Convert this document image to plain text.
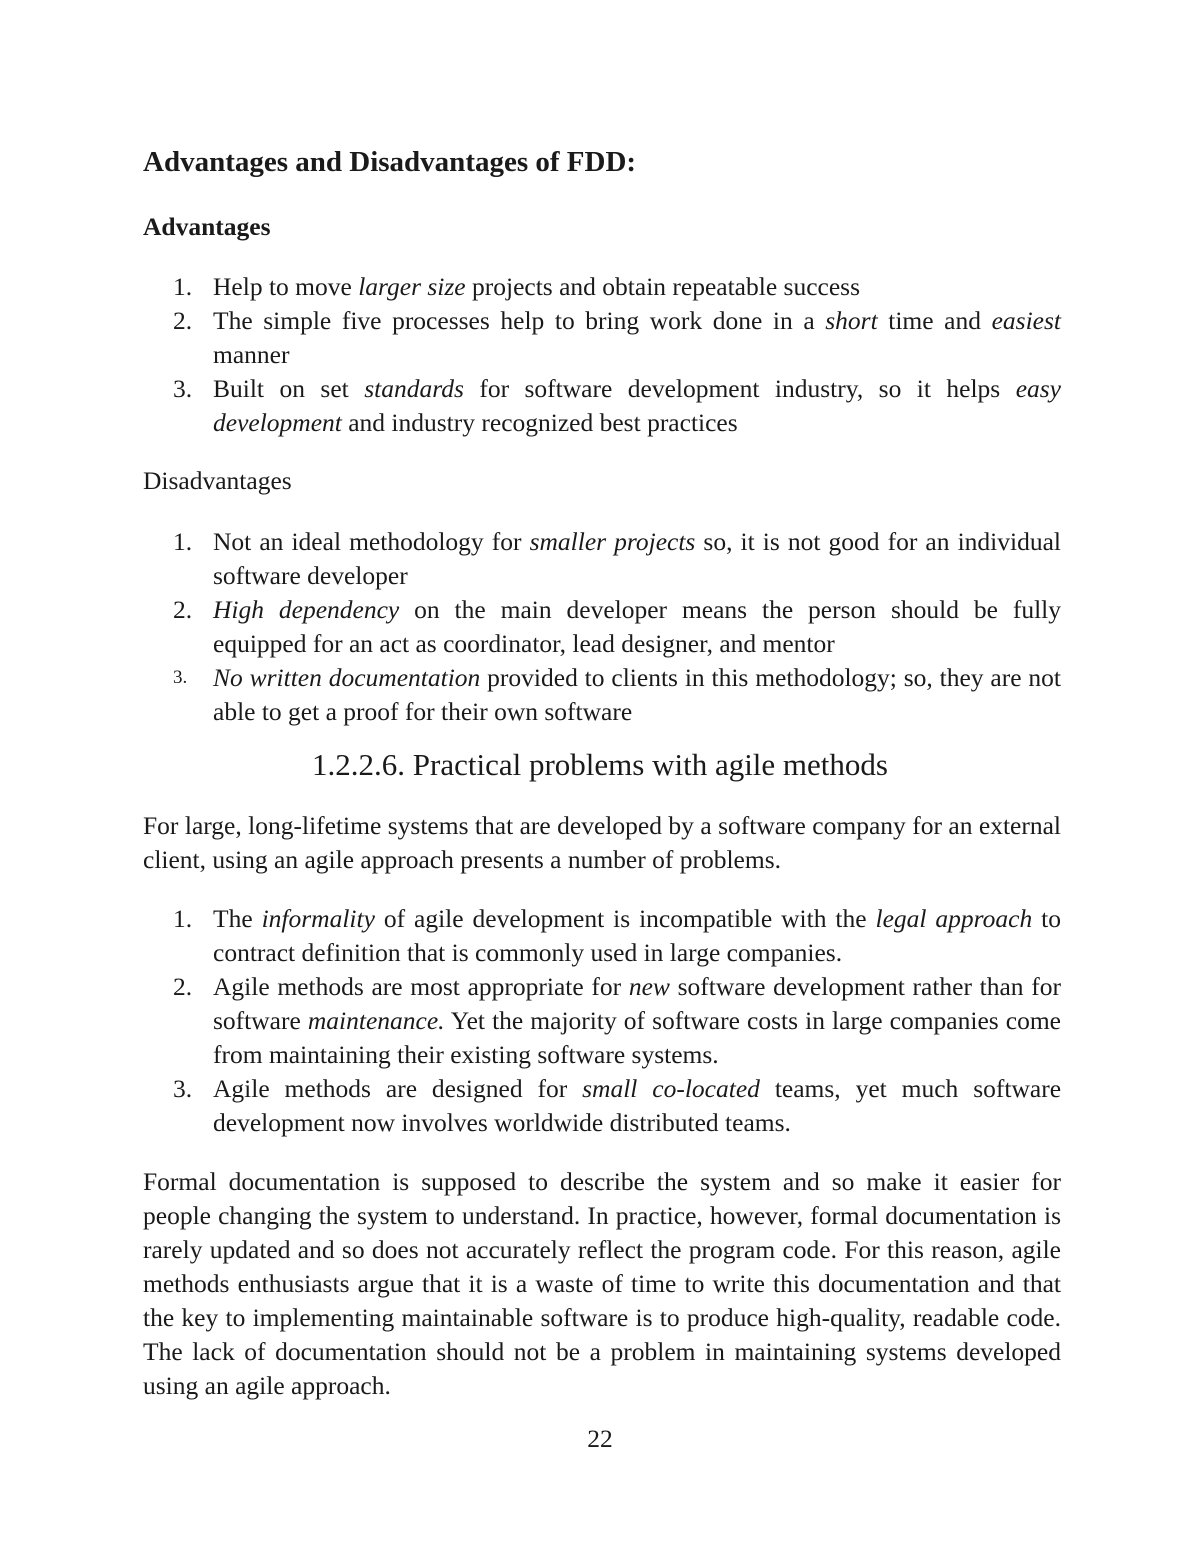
Advantages and Disadvantages of FDD:
Advantages
1. Help to move larger size projects and obtain repeatable success
2. The simple five processes help to bring work done in a short time and easiest manner
3. Built on set standards for software development industry, so it helps easy development and industry recognized best practices
Disadvantages
1. Not an ideal methodology for smaller projects so, it is not good for an individual software developer
2. High dependency on the main developer means the person should be fully equipped for an act as coordinator, lead designer, and mentor
3. No written documentation provided to clients in this methodology; so, they are not able to get a proof for their own software
1.2.2.6. Practical problems with agile methods

For large, long-lifetime systems that are developed by a software company for an external client, using an agile approach presents a number of problems.

1. The informality of agile development is incompatible with the legal approach to contract definition that is commonly used in large companies.
2. Agile methods are most appropriate for new software development rather than for software maintenance. Yet the majority of software costs in large companies come from maintaining their existing software systems.
3. Agile methods are designed for small co-located teams, yet much software development now involves worldwide distributed teams.

Formal documentation is supposed to describe the system and so make it easier for people changing the system to understand. In practice, however, formal documentation is rarely updated and so does not accurately reflect the program code. For this reason, agile methods enthusiasts argue that it is a waste of time to write this documentation and that the key to implementing maintainable software is to produce high-quality, readable code. The lack of documentation should not be a problem in maintaining systems developed using an agile approach.

22
